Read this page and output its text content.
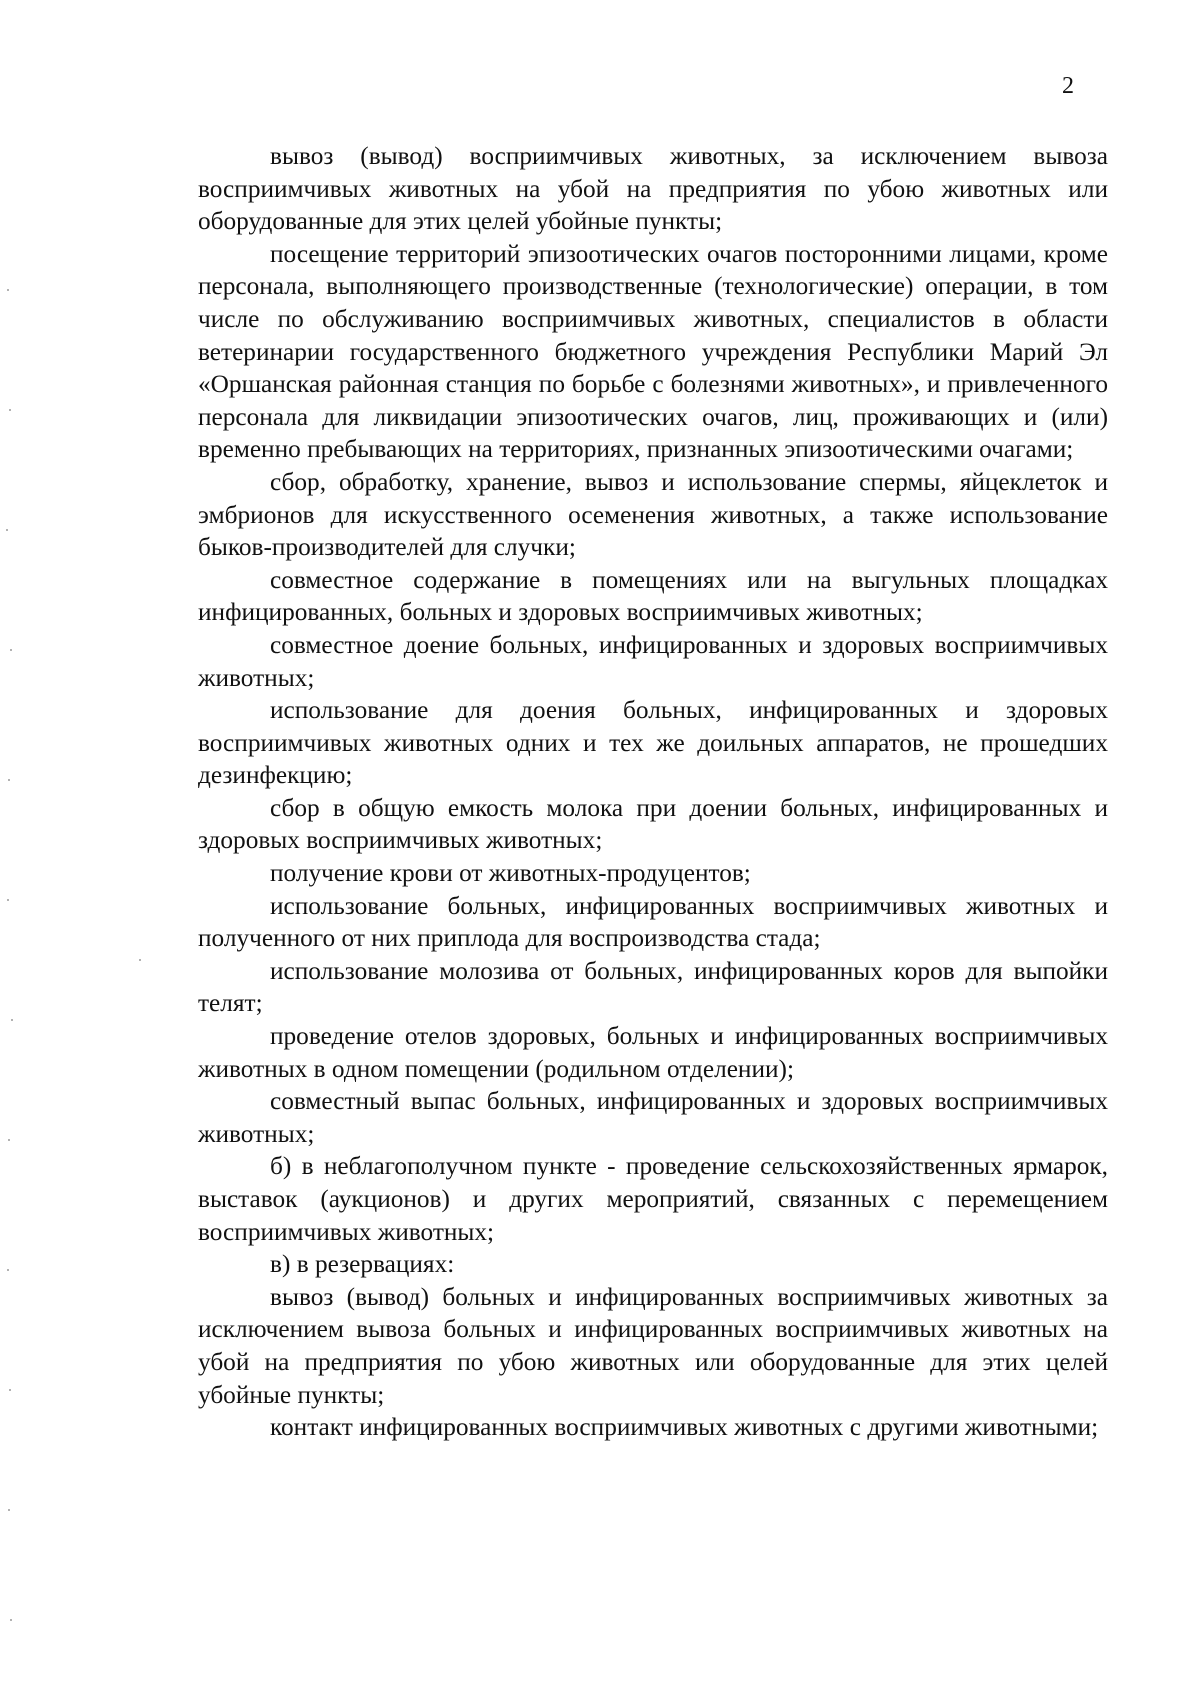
2

вывоз (вывод) восприимчивых животных, за исключением вывоза восприимчивых животных на убой на предприятия по убою животных или оборудованные для этих целей убойные пункты;

посещение территорий эпизоотических очагов посторонними лицами, кроме персонала, выполняющего производственные (технологические) операции, в том числе по обслуживанию восприимчивых животных, специалистов в области ветеринарии государственного бюджетного учреждения Республики Марий Эл «Оршанская районная станция по борьбе с болезнями животных», и привлеченного персонала для ликвидации эпизоотических очагов, лиц, проживающих и (или) временно пребывающих на территориях, признанных эпизоотическими очагами;

сбор, обработку, хранение, вывоз и использование спермы, яйцеклеток и эмбрионов для искусственного осеменения животных, а также использование быков-производителей для случки;

совместное содержание в помещениях или на выгульных площадках инфицированных, больных и здоровых восприимчивых животных;

совместное доение больных, инфицированных и здоровых восприимчивых животных;

использование для доения больных, инфицированных и здоровых восприимчивых животных одних и тех же доильных аппаратов, не прошедших дезинфекцию;

сбор в общую емкость молока при доении больных, инфицированных и здоровых восприимчивых животных;

получение крови от животных-продуцентов;

использование больных, инфицированных восприимчивых животных и полученного от них приплода для воспроизводства стада;

использование молозива от больных, инфицированных коров для выпойки телят;

проведение отелов здоровых, больных и инфицированных восприимчивых животных в одном помещении (родильном отделении);

совместный выпас больных, инфицированных и здоровых восприимчивых животных;

б) в неблагополучном пункте - проведение сельскохозяйственных ярмарок, выставок (аукционов) и других мероприятий, связанных с перемещением восприимчивых животных;

в) в резервациях:

вывоз (вывод) больных и инфицированных восприимчивых животных за исключением вывоза больных и инфицированных восприимчивых животных на убой на предприятия по убою животных или оборудованные для этих целей убойные пункты;

контакт инфицированных восприимчивых животных с другими животными;
